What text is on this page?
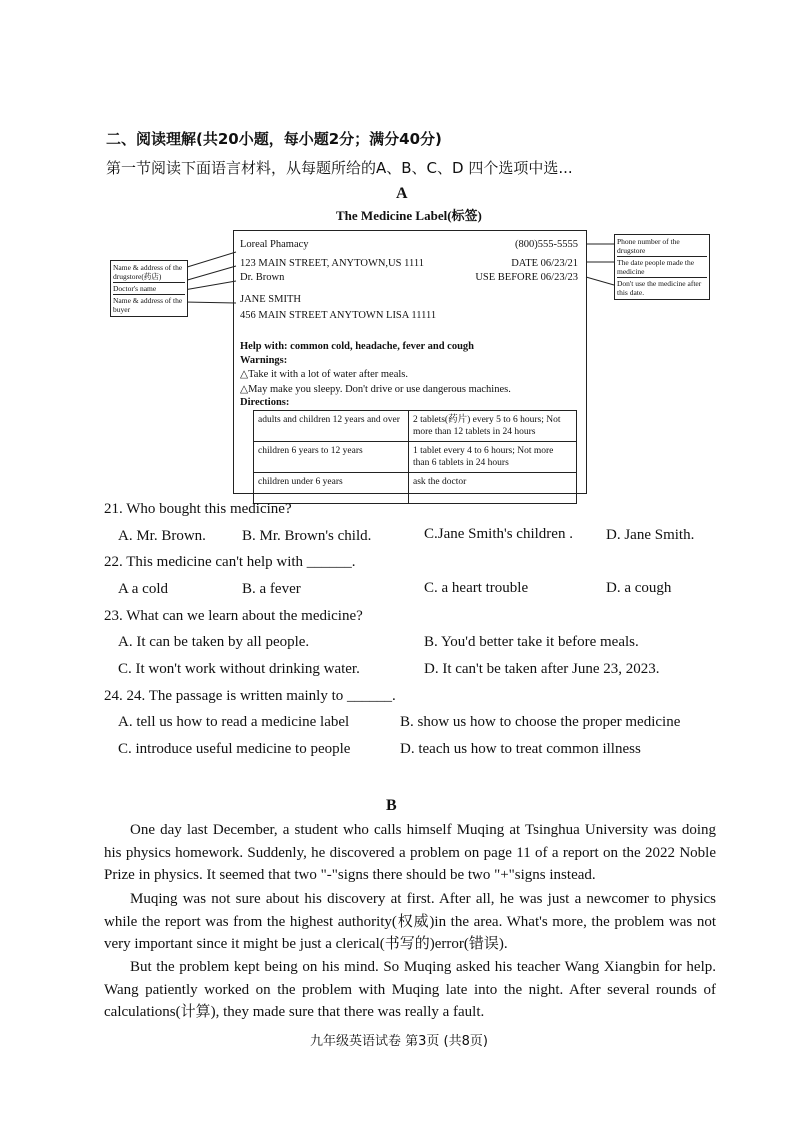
二、阅读理解(共20小题，每小题2分；满分40分)
第一节阅读下面语言材料，从每题所给的A、B、C、D 四个选项中选...
A
The Medicine Label(标签)
Name & address of the drugstore(药店)
Doctor's name
Name & address of the buyer
Phone number of the drugstore
The date people made the medicine
Don't use the medicine after this date.
Loreal Phamacy	(800)555-5555
123 MAIN STREET, ANYTOWN,US 1111	DATE 06/23/21
Dr. Brown	USE BEFORE 06/23/23
JANE SMITH
456 MAIN STREET ANYTOWN LISA 11111
Help with: common cold, headache, fever and cough
Warnings:
△Take it with a lot of water after meals.
△May make you sleepy. Don't drive or use dangerous machines.
Directions:
adults and children 12 years and over	2 tablets(药片) every 5 to 6 hours; Not more than 12 tablets in 24 hours
children 6 years to 12 years	1 tablet every 4 to 6 hours; Not more than 6 tablets in 24 hours
children under 6 years	ask the doctor
21. Who bought this medicine?
A. Mr. Brown. B. Mr. Brown's child.	C.Jane Smith's children . D. Jane Smith.
22. This medicine can't help with ______.
A a cold	B. a fever	C. a heart trouble	D. a cough
23. What can we learn about the medicine?
A. It can be taken by all people.	B. You'd better take it before meals.
C. It won't work without drinking water.	D. It can't be taken after June 23, 2023.
24. 24. The passage is written mainly to ______.
A. tell us how to read a medicine label	B. show us how to choose the proper medicine
C. introduce useful medicine to people	D. teach us how to treat common illness
B
One day last December, a student who calls himself Muqing at Tsinghua University was doing his physics homework. Suddenly, he discovered a problem on page 11 of a report on the 2022 Noble Prize in physics. It seemed that two "-"signs there should be two "+"signs instead.
Muqing was not sure about his discovery at first. After all, he was just a newcomer to physics while the report was from the highest authority(权威)in the area. What's more, the problem was not very important since it might be just a clerical(书写的)error(错误).
But the problem kept being on his mind. So Muqing asked his teacher Wang Xiangbin for help. Wang patiently worked on the problem with Muqing late into the night. After several rounds of calculations(计算), they made sure that there was really a fault.
九年级英语试卷 第3页 (共8页)
